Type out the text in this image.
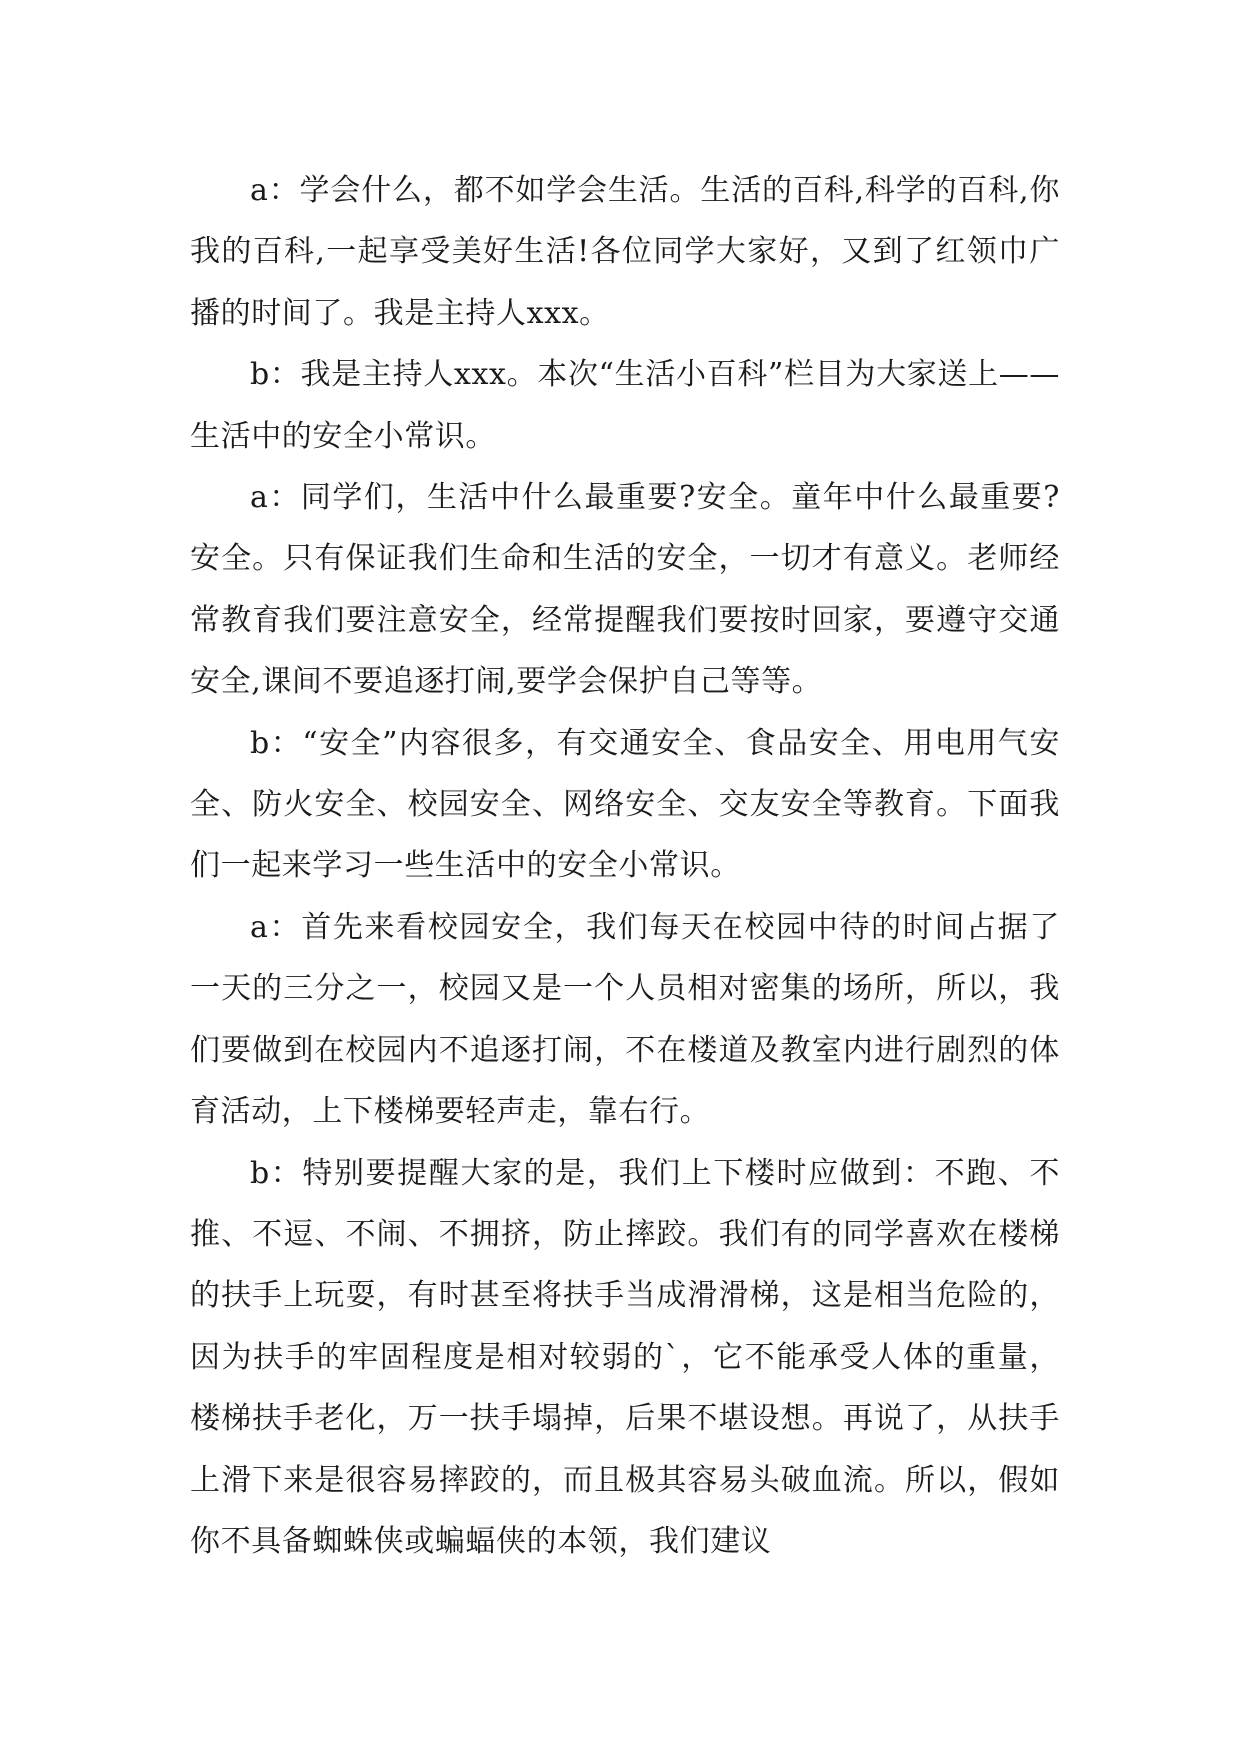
a：学会什么，都不如学会生活。生活的百科,科学的百科,你我的百科,一起享受美好生活!各位同学大家好，又到了红领巾广播的时间了。我是主持人xxx。

b：我是主持人xxx。本次“生活小百科”栏目为大家送上——生活中的安全小常识。

a：同学们，生活中什么最重要?安全。童年中什么最重要?安全。只有保证我们生命和生活的安全，一切才有意义。老师经常教育我们要注意安全，经常提醒我们要按时回家，要遵守交通安全,课间不要追逐打闹,要学会保护自己等等。

b：“安全”内容很多，有交通安全、食品安全、用电用气安全、防火安全、校园安全、网络安全、交友安全等教育。下面我们一起来学习一些生活中的安全小常识。

a：首先来看校园安全，我们每天在校园中待的时间占据了一天的三分之一，校园又是一个人员相对密集的场所，所以，我们要做到在校园内不追逐打闹，不在楼道及教室内进行剧烈的体育活动，上下楼梯要轻声走，靠右行。

b：特别要提醒大家的是，我们上下楼时应做到：不跑、不推、不逗、不闹、不拥挤，防止摔跤。我们有的同学喜欢在楼梯的扶手上玩耍，有时甚至将扶手当成滑滑梯，这是相当危险的，因为扶手的牢固程度是相对较弱的`，它不能承受人体的重量，楼梯扶手老化，万一扶手塌掉，后果不堪设想。再说了，从扶手上滑下来是很容易摔跤的，而且极其容易头破血流。所以，假如你不具备蜘蛛侠或蝙蝠侠的本领，我们建议
